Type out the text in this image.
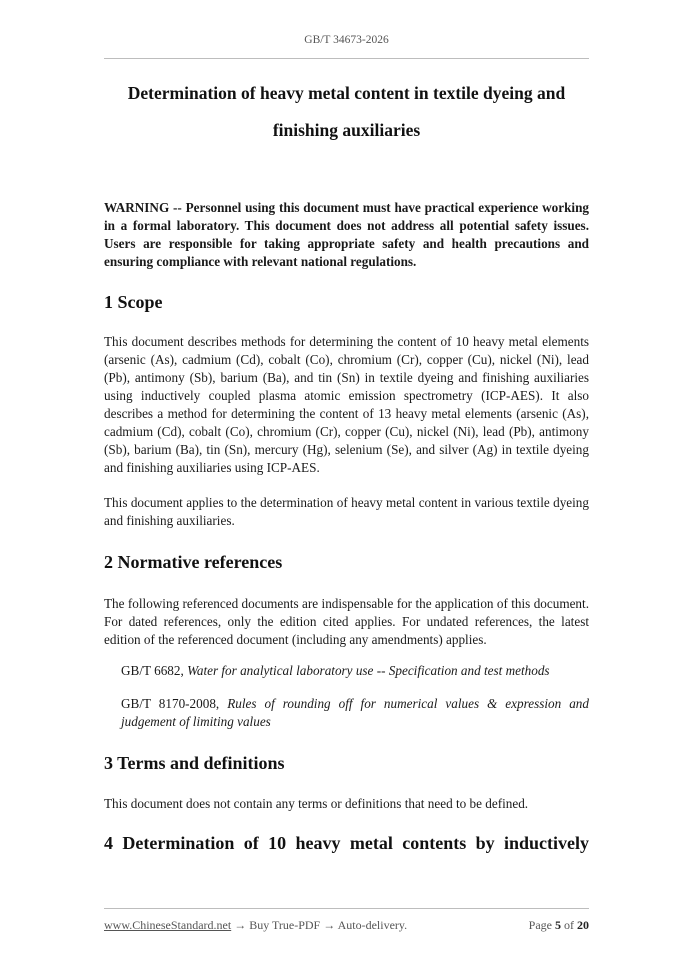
GB/T 34673-2026
Determination of heavy metal content in textile dyeing and
finishing auxiliaries
WARNING -- Personnel using this document must have practical experience working in a formal laboratory. This document does not address all potential safety issues. Users are responsible for taking appropriate safety and health precautions and ensuring compliance with relevant national regulations.
1 Scope
This document describes methods for determining the content of 10 heavy metal elements (arsenic (As), cadmium (Cd), cobalt (Co), chromium (Cr), copper (Cu), nickel (Ni), lead (Pb), antimony (Sb), barium (Ba), and tin (Sn) in textile dyeing and finishing auxiliaries using inductively coupled plasma atomic emission spectrometry (ICP-AES). It also describes a method for determining the content of 13 heavy metal elements (arsenic (As), cadmium (Cd), cobalt (Co), chromium (Cr), copper (Cu), nickel (Ni), lead (Pb), antimony (Sb), barium (Ba), tin (Sn), mercury (Hg), selenium (Se), and silver (Ag) in textile dyeing and finishing auxiliaries using ICP-AES.
This document applies to the determination of heavy metal content in various textile dyeing and finishing auxiliaries.
2 Normative references
The following referenced documents are indispensable for the application of this document. For dated references, only the edition cited applies. For undated references, the latest edition of the referenced document (including any amendments) applies.
GB/T 6682, Water for analytical laboratory use -- Specification and test methods
GB/T 8170-2008, Rules of rounding off for numerical values & expression and judgement of limiting values
3 Terms and definitions
This document does not contain any terms or definitions that need to be defined.
4 Determination of 10 heavy metal contents by inductively
www.ChineseStandard.net → Buy True-PDF → Auto-delivery.	Page 5 of 20
